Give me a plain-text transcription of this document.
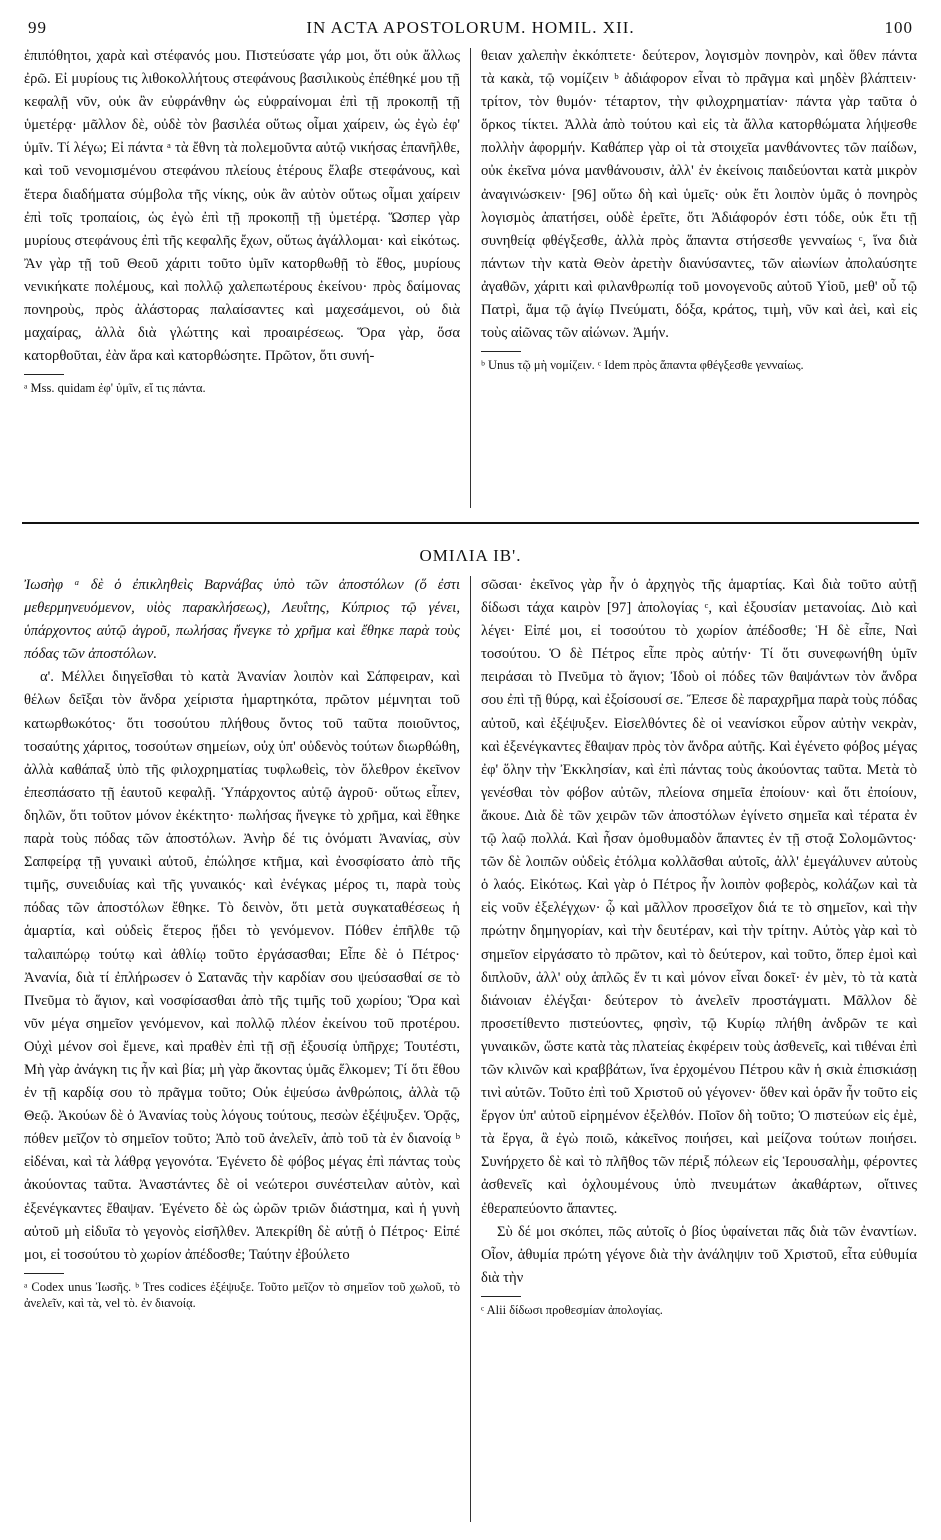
99	IN ACTA APOSTOLORUM. HOMIL. XII.	100

ἐπιπόθητοι, χαρὰ καὶ στέφανός μου. Πιστεύσατε γάρ μοι, ὅτι οὐκ ἄλλως ἐρῶ. Εἰ μυρίους τις λιθοκολλήτους στεφάνους βασιλικοὺς ἐπέθηκέ μου τῇ κεφαλῇ νῦν, οὐκ ἂν εὐφράνθην ὡς εὐφραίνομαι ἐπὶ τῇ προκοπῇ τῇ ὑμετέρᾳ· μᾶλλον δὲ, οὐδὲ τὸν βασιλέα οὕτως οἶμαι χαίρειν, ὡς ἐγὼ ἐφ' ὑμῖν. Τί λέγω; Εἰ πάντα ᵃ τὰ ἔθνη τὰ πολεμοῦντα αὐτῷ νικήσας ἐπανῆλθε, καὶ τοῦ νενομισμένου στεφάνου πλείους ἑτέρους ἔλαβε στεφάνους, καὶ ἕτερα διαδήματα σύμβολα τῆς νίκης, οὐκ ἂν αὐτὸν οὕτως οἶμαι χαίρειν ἐπὶ τοῖς τροπαίοις, ὡς ἐγὼ ἐπὶ τῇ προκοπῇ τῇ ὑμετέρᾳ. Ὥσπερ γὰρ μυρίους στεφάνους ἐπὶ τῆς κεφαλῆς ἔχων, οὕτως ἀγάλλομαι· καὶ εἰκότως. Ἂν γὰρ τῇ τοῦ Θεοῦ χάριτι τοῦτο ὑμῖν κατορθωθῇ τὸ ἔθος, μυρίους νενικήκατε πολέμους, καὶ πολλῷ χαλεπωτέρους ἐκείνου· πρὸς δαίμονας πονηροὺς, πρὸς ἀλάστορας παλαίσαντες καὶ μαχεσάμενοι, οὐ διὰ μαχαίρας, ἀλλὰ διὰ γλώττης καὶ προαιρέσεως. Ὅρα γὰρ, ὅσα κατορθοῦται, ἐὰν ἄρα καὶ κατορθώσητε. Πρῶτον, ὅτι συνή-

ᵃ Mss. quidam ἐφ' ὑμῖν, εἴ τις πάντα.

θειαν χαλεπὴν ἐκκόπτετε· δεύτερον, λογισμὸν πονηρὸν, καὶ ὅθεν πάντα τὰ κακὰ, τῷ νομίζειν ᵇ ἀδιάφορον εἶναι τὸ πρᾶγμα καὶ μηδὲν βλάπτειν· τρίτον, τὸν θυμόν· τέταρτον, τὴν φιλοχρηματίαν· πάντα γὰρ ταῦτα ὁ ὅρκος τίκτει. Ἀλλὰ ἀπὸ τούτου καὶ εἰς τὰ ἄλλα κατορθώματα λήψεσθε πολλὴν ἀφορμήν. Καθάπερ γὰρ οἱ τὰ στοιχεῖα μανθάνοντες τῶν παίδων, οὐκ ἐκεῖνα μόνα μανθάνουσιν, ἀλλ' ἐν ἐκείνοις παιδεύονται κατὰ μικρὸν ἀναγινώσκειν· [96] οὕτω δὴ καὶ ὑμεῖς· οὐκ ἔτι λοιπὸν ὑμᾶς ὁ πονηρὸς λογισμὸς ἀπατήσει, οὐδὲ ἐρεῖτε, ὅτι Ἀδιάφορόν ἐστι τόδε, οὐκ ἔτι τῇ συνηθείᾳ φθέγξεσθε, ἀλλὰ πρὸς ἅπαντα στήσεσθε γενναίως ᶜ, ἵνα διὰ πάντων τὴν κατὰ Θεὸν ἀρετὴν διανύσαντες, τῶν αἰωνίων ἀπολαύσητε ἀγαθῶν, χάριτι καὶ φιλανθρωπίᾳ τοῦ μονογενοῦς αὐτοῦ Υἱοῦ, μεθ' οὗ τῷ Πατρὶ, ἅμα τῷ ἁγίῳ Πνεύματι, δόξα, κράτος, τιμὴ, νῦν καὶ ἀεὶ, καὶ εἰς τοὺς αἰῶνας τῶν αἰώνων. Ἀμήν.

ᵇ Unus τῷ μὴ νομίζειν. ᶜ Idem πρὸς ἅπαντα φθέγξεσθε γενναίως.

ΟΜΙΛΙΑ ΙΒ'.

Ἰωσὴφ ᵃ δὲ ὁ ἐπικληθεὶς Βαρνάβας ὑπὸ τῶν ἀποστόλων (ὅ ἐστι μεθερμηνευόμενον, υἱὸς παρακλήσεως), Λευΐτης, Κύπριος τῷ γένει, ὑπάρχοντος αὐτῷ ἀγροῦ, πωλήσας ἤνεγκε τὸ χρῆμα καὶ ἔθηκε παρὰ τοὺς πόδας τῶν ἀποστόλων.

α'. Μέλλει διηγεῖσθαι τὸ κατὰ Ἀνανίαν λοιπὸν καὶ Σάπφειραν, καὶ θέλων δεῖξαι τὸν ἄνδρα χείριστα ἡμαρτηκότα, πρῶτον μέμνηται τοῦ κατωρθωκότος· ὅτι τοσούτου πλήθους ὄντος τοῦ ταῦτα ποιοῦντος, τοσαύτης χάριτος, τοσούτων σημείων, οὐχ ὑπ' οὐδενὸς τούτων διωρθώθη, ἀλλὰ καθάπαξ ὑπὸ τῆς φιλοχρηματίας τυφλωθεὶς, τὸν ὄλεθρον ἐκεῖνον ἐπεσπάσατο τῇ ἑαυτοῦ κεφαλῇ. Ὑπάρχοντος αὐτῷ ἀγροῦ· οὕτως εἶπεν, δηλῶν, ὅτι τοῦτον μόνον ἐκέκτητο· πωλήσας ἤνεγκε τὸ χρῆμα, καὶ ἔθηκε παρὰ τοὺς πόδας τῶν ἀποστόλων. Ἀνὴρ δέ τις ὀνόματι Ἀνανίας, σὺν Σαπφείρᾳ τῇ γυναικὶ αὐτοῦ, ἐπώλησε κτῆμα, καὶ ἐνοσφίσατο ἀπὸ τῆς τιμῆς, συνειδυίας καὶ τῆς γυναικός· καὶ ἐνέγκας μέρος τι, παρὰ τοὺς πόδας τῶν ἀποστόλων ἔθηκε. Τὸ δεινὸν, ὅτι μετὰ συγκαταθέσεως ἡ ἁμαρτία, καὶ οὐδεὶς ἕτερος ᾔδει τὸ γενόμενον. Πόθεν ἐπῆλθε τῷ ταλαιπώρῳ τούτῳ καὶ ἀθλίῳ τοῦτο ἐργάσασθαι; Εἶπε δὲ ὁ Πέτρος· Ἀνανία, διὰ τί ἐπλήρωσεν ὁ Σατανᾶς τὴν καρδίαν σου ψεύσασθαί σε τὸ Πνεῦμα τὸ ἅγιον, καὶ νοσφίσασθαι ἀπὸ τῆς τιμῆς τοῦ χωρίου; Ὅρα καὶ νῦν μέγα σημεῖον γενόμενον, καὶ πολλῷ πλέον ἐκείνου τοῦ προτέρου. Οὐχὶ μένον σοὶ ἔμενε, καὶ πραθὲν ἐπὶ τῇ σῇ ἐξουσίᾳ ὑπῆρχε; Τουτέστι, Μὴ γὰρ ἀνάγκη τις ἦν καὶ βία; μὴ γὰρ ἄκοντας ὑμᾶς ἕλκομεν; Τί ὅτι ἔθου ἐν τῇ καρδίᾳ σου τὸ πρᾶγμα τοῦτο; Οὐκ ἐψεύσω ἀνθρώποις, ἀλλὰ τῷ Θεῷ. Ἀκούων δὲ ὁ Ἀνανίας τοὺς λόγους τούτους, πεσὼν ἐξέψυξεν. Ὁρᾷς, πόθεν μεῖζον τὸ σημεῖον τοῦτο; Ἀπὸ τοῦ ἀνελεῖν, ἀπὸ τοῦ τὰ ἐν διανοίᾳ ᵇ εἰδέναι, καὶ τὰ λάθρᾳ γεγονότα. Ἐγένετο δὲ φόβος μέγας ἐπὶ πάντας τοὺς ἀκούοντας ταῦτα. Ἀναστάντες δὲ οἱ νεώτεροι συνέστειλαν αὐτὸν, καὶ ἐξενέγκαντες ἔθαψαν. Ἐγένετο δὲ ὡς ὡρῶν τριῶν διάστημα, καὶ ἡ γυνὴ αὐτοῦ μὴ εἰδυῖα τὸ γεγονὸς εἰσῆλθεν. Ἀπεκρίθη δὲ αὐτῇ ὁ Πέτρος· Εἰπέ μοι, εἰ τοσούτου τὸ χωρίον ἀπέδοσθε; Ταύτην ἐβούλετο

ᵃ Codex unus Ἰωσῆς. ᵇ Tres codices ἐξέψυξε. Τοῦτο μεῖζον τὸ σημεῖον τοῦ χωλοῦ, τὸ ἀνελεῖν, καὶ τὰ, vel τὸ. ἐν διανοίᾳ.

σῶσαι· ἐκεῖνος γὰρ ἦν ὁ ἀρχηγὸς τῆς ἁμαρτίας. Καὶ διὰ τοῦτο αὐτῇ δίδωσι τάχα καιρὸν [97] ἀπολογίας ᶜ, καὶ ἐξουσίαν μετανοίας. Διὸ καὶ λέγει· Εἰπέ μοι, εἰ τοσούτου τὸ χωρίον ἀπέδοσθε; Ἡ δὲ εἶπε, Ναὶ τοσούτου. Ὁ δὲ Πέτρος εἶπε πρὸς αὐτήν· Τί ὅτι συνεφωνήθη ὑμῖν πειράσαι τὸ Πνεῦμα τὸ ἅγιον; Ἰδοὺ οἱ πόδες τῶν θαψάντων τὸν ἄνδρα σου ἐπὶ τῇ θύρᾳ, καὶ ἐξοίσουσί σε. Ἔπεσε δὲ παραχρῆμα παρὰ τοὺς πόδας αὐτοῦ, καὶ ἐξέψυξεν. Εἰσελθόντες δὲ οἱ νεανίσκοι εὗρον αὐτὴν νεκρὰν, καὶ ἐξενέγκαντες ἔθαψαν πρὸς τὸν ἄνδρα αὐτῆς. Καὶ ἐγένετο φόβος μέγας ἐφ' ὅλην τὴν Ἐκκλησίαν, καὶ ἐπὶ πάντας τοὺς ἀκούοντας ταῦτα. Μετὰ τὸ γενέσθαι τὸν φόβον αὐτῶν, πλείονα σημεῖα ἐποίουν· καὶ ὅτι ἐποίουν, ἄκουε. Διὰ δὲ τῶν χειρῶν τῶν ἀποστόλων ἐγίνετο σημεῖα καὶ τέρατα ἐν τῷ λαῷ πολλά. Καὶ ἦσαν ὁμοθυμαδὸν ἅπαντες ἐν τῇ στοᾷ Σολομῶντος· τῶν δὲ λοιπῶν οὐδεὶς ἐτόλμα κολλᾶσθαι αὐτοῖς, ἀλλ' ἐμεγάλυνεν αὐτοὺς ὁ λαός. Εἰκότως. Καὶ γὰρ ὁ Πέτρος ἦν λοιπὸν φοβερὸς, κολάζων καὶ τὰ εἰς νοῦν ἐξελέγχων· ᾧ καὶ μᾶλλον προσεῖχον διά τε τὸ σημεῖον, καὶ τὴν πρώτην δημηγορίαν, καὶ τὴν δευτέραν, καὶ τὴν τρίτην. Αὐτὸς γὰρ καὶ τὸ σημεῖον εἰργάσατο τὸ πρῶτον, καὶ τὸ δεύτερον, καὶ τοῦτο, ὅπερ ἐμοὶ καὶ διπλοῦν, ἀλλ' οὐχ ἁπλῶς ἕν τι καὶ μόνον εἶναι δοκεῖ· ἐν μὲν, τὸ τὰ κατὰ διάνοιαν ἐλέγξαι· δεύτερον τὸ ἀνελεῖν προστάγματι. Μᾶλλον δὲ προσετίθεντο πιστεύοντες, φησὶν, τῷ Κυρίῳ πλήθη ἀνδρῶν τε καὶ γυναικῶν, ὥστε κατὰ τὰς πλατείας ἐκφέρειν τοὺς ἀσθενεῖς, καὶ τιθέναι ἐπὶ τῶν κλινῶν καὶ κραββάτων, ἵνα ἐρχομένου Πέτρου κἂν ἡ σκιὰ ἐπισκιάσῃ τινὶ αὐτῶν. Τοῦτο ἐπὶ τοῦ Χριστοῦ οὐ γέγονεν· ὅθεν καὶ ὁρᾶν ἦν τοῦτο εἰς ἔργον ὑπ' αὐτοῦ εἰρημένον ἐξελθόν. Ποῖον δὴ τοῦτο; Ὁ πιστεύων εἰς ἐμὲ, τὰ ἔργα, ἃ ἐγὼ ποιῶ, κἀκεῖνος ποιήσει, καὶ μείζονα τούτων ποιήσει. Συνήρχετο δὲ καὶ τὸ πλῆθος τῶν πέριξ πόλεων εἰς Ἱερουσαλὴμ, φέροντες ἀσθενεῖς καὶ ὀχλουμένους ὑπὸ πνευμάτων ἀκαθάρτων, οἵτινες ἐθεραπεύοντο ἅπαντες.

Σὺ δέ μοι σκόπει, πῶς αὐτοῖς ὁ βίος ὑφαίνεται πᾶς διὰ τῶν ἐναντίων. Οἷον, ἀθυμία πρώτη γέγονε διὰ τὴν ἀνάληψιν τοῦ Χριστοῦ, εἶτα εὐθυμία διὰ τὴν

ᶜ Alii δίδωσι προθεσμίαν ἀπολογίας.
